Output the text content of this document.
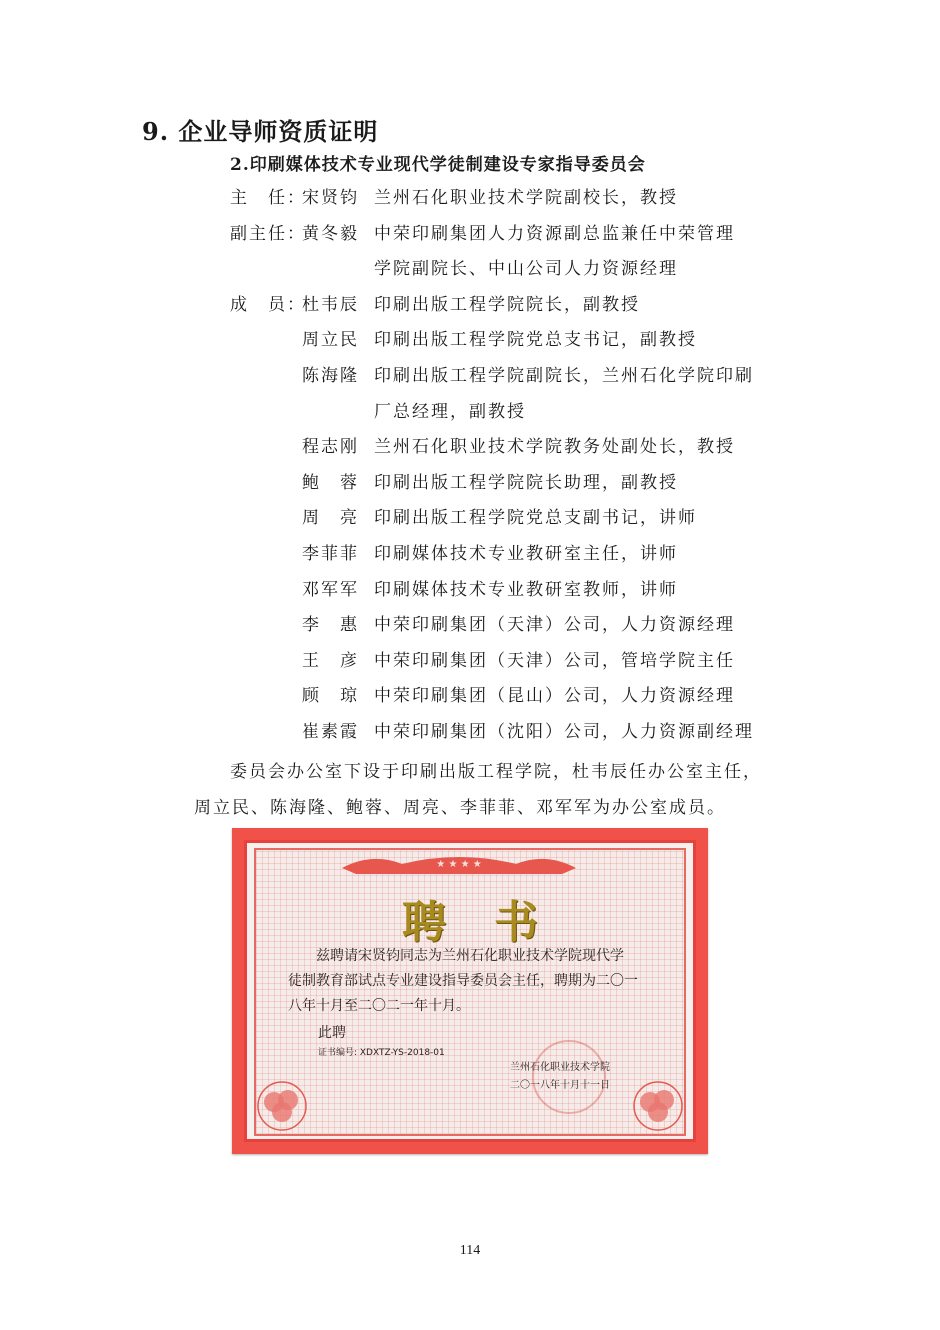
9. 企业导师资质证明
2.印刷媒体技术专业现代学徒制建设专家指导委员会
主　任：
宋贤钧 兰州石化职业技术学院副校长，教授
副主任：
黄冬毅 中荣印刷集团人力资源副总监兼任中荣管理
学院副院长、中山公司人力资源经理
成　员：
杜韦辰 印刷出版工程学院院长，副教授
周立民 印刷出版工程学院党总支书记，副教授
陈海隆 印刷出版工程学院副院长，兰州石化学院印刷
厂总经理，副教授
程志刚 兰州石化职业技术学院教务处副处长，教授
鲍　蓉 印刷出版工程学院院长助理，副教授
周　亮 印刷出版工程学院党总支副书记，讲师
李菲菲 印刷媒体技术专业教研室主任，讲师
邓军军 印刷媒体技术专业教研室教师，讲师
李　惠 中荣印刷集团（天津）公司，人力资源经理
王　彦 中荣印刷集团（天津）公司，管培学院主任
顾　琼 中荣印刷集团（昆山）公司，人力资源经理
崔素霞 中荣印刷集团（沈阳）公司，人力资源副经理
委员会办公室下设于印刷出版工程学院，杜韦辰任办公室主任，
周立民、陈海隆、鲍蓉、周亮、李菲菲、邓军军为办公室成员。
★ ★ ★ ★
聘书
兹聘请宋贤钧同志为兰州石化职业技术学院现代学
徒制教育部试点专业建设指导委员会主任，聘期为二〇一
八年十月至二〇二一年十月。
此聘
证书编号: XDXTZ-YS-2018-01
兰州石化职业技术学院
二〇一八年十月十一日
114
